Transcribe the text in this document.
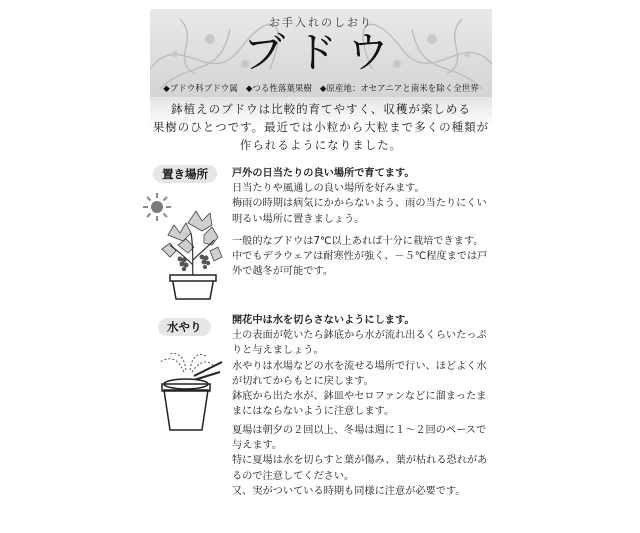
お手入れのしおり
ブドウ
◆ブドウ科ブドウ属 ◆つる性落葉果樹 ◆原産地：オセアニアと南米を除く全世界
鉢植えのブドウは比較的育てやすく、収穫が楽しめる
果樹のひとつです。最近では小粒から大粒まで多くの種類が
作られるようになりました。
置き場所	戸外の日当たりの良い場所で育てます。
日当たりや風通しの良い場所を好みます。
梅雨の時期は病気にかからないよう、雨の当たりにくい
明るい場所に置きましょう。
一般的なブドウは7℃以上あれば十分に栽培できます。
中でもデラウェアは耐寒性が強く、－５℃程度までは戸
外で越冬が可能です。
水やり	開花中は水を切らさないようにします。
土の表面が乾いたら鉢底から水が流れ出るくらいたっぷ
りと与えましょう。
水やりは水場などの水を流せる場所で行い、ほどよく水
が切れてからもとに戻します。
鉢底から出た水が、鉢皿やセロファンなどに溜まったま
まにはならないように注意します。
夏場は朝夕の２回以上、冬場は週に１～２回のペースで
与えます。
特に夏場は水を切らすと葉が傷み、葉が枯れる恐れがあ
るので注意してください。
又、実がついている時期も同様に注意が必要です。
